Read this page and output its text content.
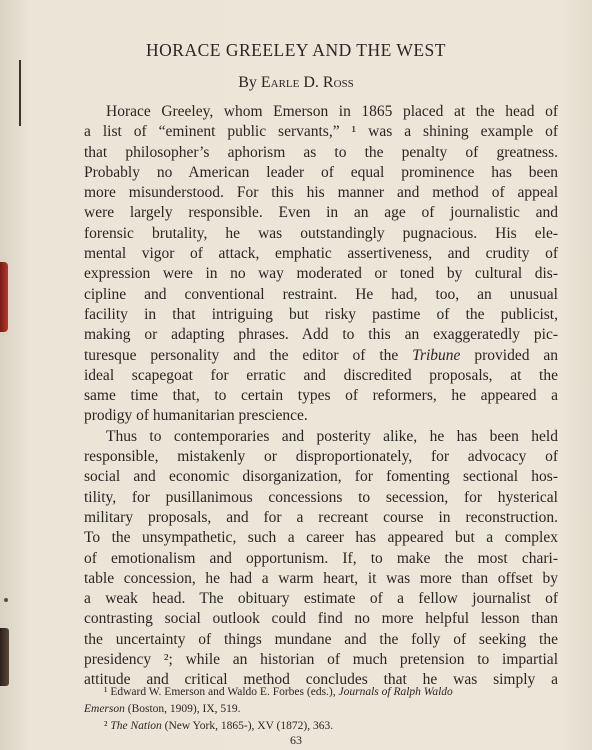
HORACE GREELEY AND THE WEST
By Earle D. Ross
Horace Greeley, whom Emerson in 1865 placed at the head of
a list of “eminent public servants,” ¹ was a shining example of
that philosopher’s aphorism as to the penalty of greatness.
Probably no American leader of equal prominence has been
more misunderstood. For this his manner and method of appeal
were largely responsible. Even in an age of journalistic and
forensic brutality, he was outstandingly pugnacious. His ele-
mental vigor of attack, emphatic assertiveness, and crudity of
expression were in no way moderated or toned by cultural dis-
cipline and conventional restraint. He had, too, an unusual
facility in that intriguing but risky pastime of the publicist,
making or adapting phrases. Add to this an exaggeratedly pic-
turesque personality and the editor of the Tribune provided an
ideal scapegoat for erratic and discredited proposals, at the
same time that, to certain types of reformers, he appeared a
prodigy of humanitarian prescience.
Thus to contemporaries and posterity alike, he has been held
responsible, mistakenly or disproportionately, for advocacy of
social and economic disorganization, for fomenting sectional hos-
tility, for pusillanimous concessions to secession, for hysterical
military proposals, and for a recreant course in reconstruction.
To the unsympathetic, such a career has appeared but a complex
of emotionalism and opportunism. If, to make the most chari-
table concession, he had a warm heart, it was more than offset by
a weak head. The obituary estimate of a fellow journalist of
contrasting social outlook could find no more helpful lesson than
the uncertainty of things mundane and the folly of seeking the
presidency ²; while an historian of much pretension to impartial
attitude and critical method concludes that he was simply a
¹ Edward W. Emerson and Waldo E. Forbes (eds.), Journals of Ralph Waldo
Emerson (Boston, 1909), IX, 519.
² The Nation (New York, 1865-), XV (1872), 363.
63
